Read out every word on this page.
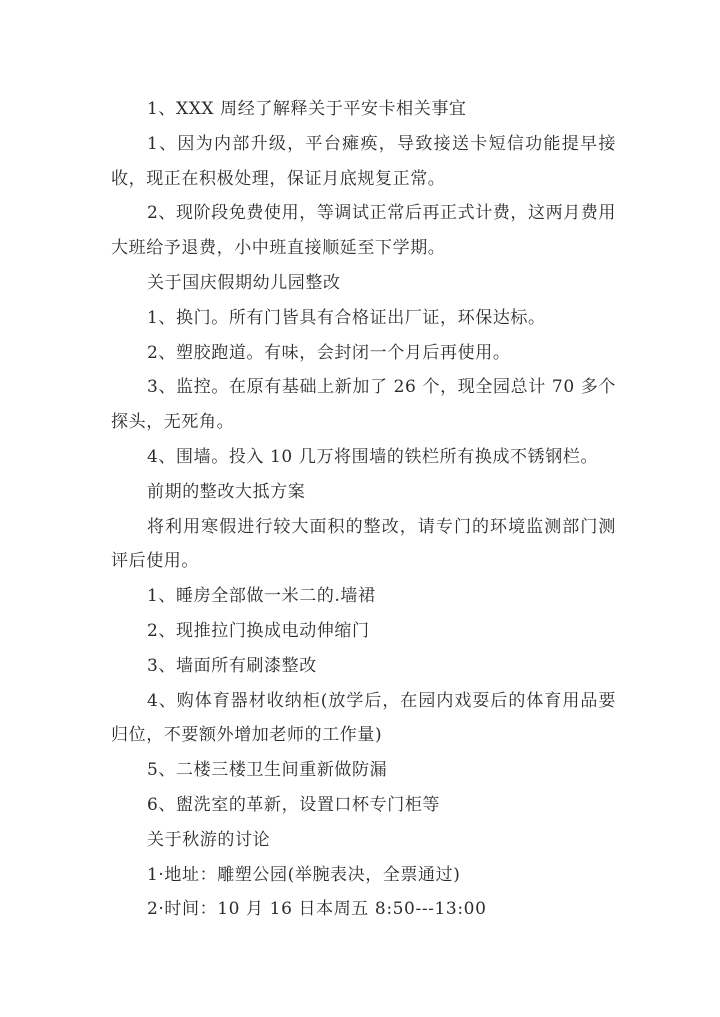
1、XXX 周经了解释关于平安卡相关事宜

1、因为内部升级，平台瘫痪，导致接送卡短信功能提早接收，现正在积极处理，保证月底规复正常。

2、现阶段免费使用，等调试正常后再正式计费，这两月费用大班给予退费，小中班直接顺延至下学期。

关于国庆假期幼儿园整改

1、换门。所有门皆具有合格证出厂证，环保达标。

2、塑胶跑道。有味，会封闭一个月后再使用。

3、监控。在原有基础上新加了 26 个，现全园总计 70 多个探头，无死角。

4、围墙。投入 10 几万将围墙的铁栏所有换成不锈钢栏。

前期的整改大抵方案

将利用寒假进行较大面积的整改，请专门的环境监测部门测评后使用。

1、睡房全部做一米二的.墙裙

2、现推拉门换成电动伸缩门

3、墙面所有刷漆整改

4、购体育器材收纳柜(放学后，在园内戏耍后的体育用品要归位，不要额外增加老师的工作量)

5、二楼三楼卫生间重新做防漏

6、盥洗室的革新，设置口杯专门柜等

关于秋游的讨论

1·地址：雕塑公园(举腕表决，全票通过)

2·时间：10 月 16 日本周五 8:50---13:00
